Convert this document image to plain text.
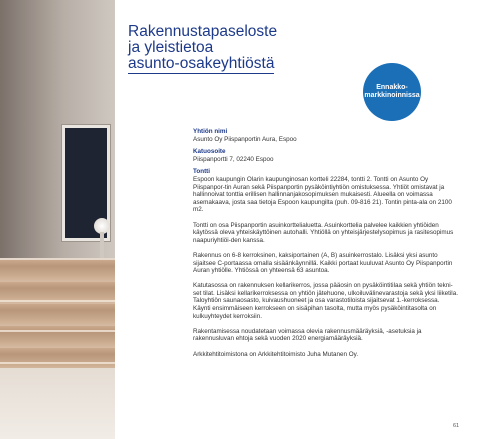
Rakennustapaseloste
ja yleistietoa
asunto-osakeyhtiöstä
Ennakko-
markkinoinnissa
Yhtiön nimi
Asunto Oy Piispanportin Aura, Espoo
Katuosoite
Piispanportti 7, 02240 Espoo
Tontti

Espoon kaupungin Olarin kaupunginosan kortteli 22284, tontti 2. Tontti on Asunto Oy Piispanpor-tin Auran sekä Piispanportin pysäköintiyhtiön omistuksessa. Yhtiöt omistavat ja hallinnoivat tonttia erillisen hallinnanjakosopimuksen mukaisesti. Alueella on voimassa asemakaava, josta saa tietoja Espoon kaupungilta (puh. 09-816 21). Tontin pinta-ala on 2100 m2.

Tontti on osa Piispanportin asuinkorttelialuetta. Asuinkorttelia palvelee kaikkien yhtiöiden käytössä oleva yhteiskäyttöinen autohalli. Yhtiöllä on yhteisjärjestelysopimus ja rasitesopimus naapuriyhtiöi-den kanssa.

Rakennus on 6-8 kerroksinen, kaksiportainen (A, B) asuinkerrostalo. Lisäksi yksi asunto sijaitsee C-portaassa omalla sisäänkäynnillä. Kaikki portaat kuuluvat Asunto Oy Piispanportin Auran yhtiölle. Yhtiössä on yhteensä 63 asuntoa.

Katutasossa on rakennuksen kellarikerros, jossa pääosin on pysäköintitilaa sekä yhtiön tekni-set tilat. Lisäksi kellarikerroksessa on yhtiön jätehuone, ulkoiluvälinevarastoja sekä yksi liiketila. Taloyhtiön saunaosasto, kuivaushuoneet ja osa varastotiloista sijaitsevat 1.-kerroksessa. Käynti ensimmäiseen kerrokseen on sisäpihan tasolta, mutta myös pysäköintitasolta on kulkuyhteydet kerroksiin.

Rakentamisessa noudatetaan voimassa olevia rakennusmääräyksiä, -asetuksia ja rakennusluvan ehtoja sekä vuoden 2020 energiamääräyksiä.

Arkkitehtitoimistona on Arkkitehtitoimisto Juha Mutanen Oy.

61
